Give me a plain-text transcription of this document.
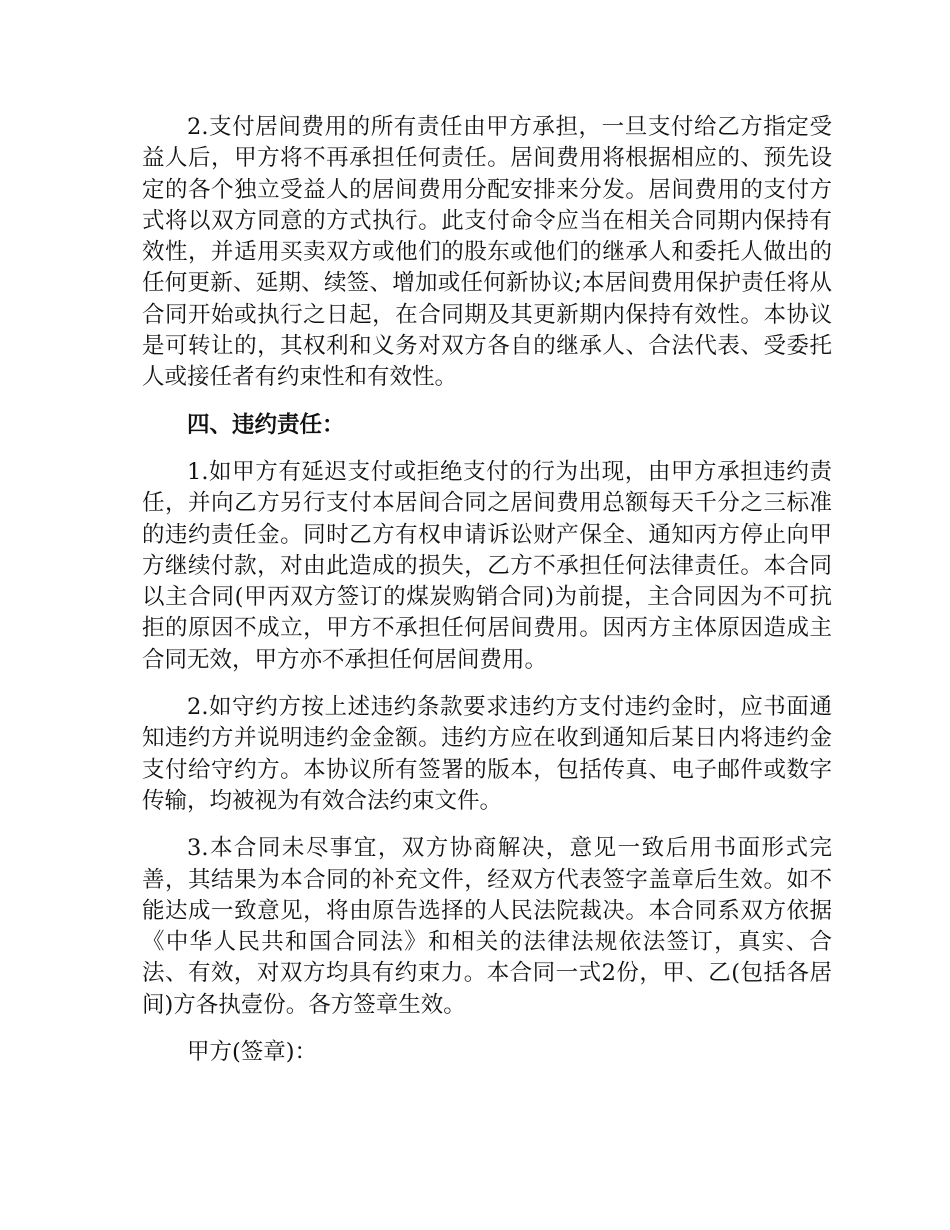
2.支付居间费用的所有责任由甲方承担，一旦支付给乙方指定受益人后，甲方将不再承担任何责任。居间费用将根据相应的、预先设定的各个独立受益人的居间费用分配安排来分发。居间费用的支付方式将以双方同意的方式执行。此支付命令应当在相关合同期内保持有效性，并适用买卖双方或他们的股东或他们的继承人和委托人做出的任何更新、延期、续签、增加或任何新协议;本居间费用保护责任将从合同开始或执行之日起，在合同期及其更新期内保持有效性。本协议是可转让的，其权利和义务对双方各自的继承人、合法代表、受委托人或接任者有约束性和有效性。

四、违约责任：

1.如甲方有延迟支付或拒绝支付的行为出现，由甲方承担违约责任，并向乙方另行支付本居间合同之居间费用总额每天千分之三标准的违约责任金。同时乙方有权申请诉讼财产保全、通知丙方停止向甲方继续付款，对由此造成的损失，乙方不承担任何法律责任。本合同以主合同(甲丙双方签订的煤炭购销合同)为前提，主合同因为不可抗拒的原因不成立，甲方不承担任何居间费用。因丙方主体原因造成主合同无效，甲方亦不承担任何居间费用。

2.如守约方按上述违约条款要求违约方支付违约金时，应书面通知违约方并说明违约金金额。违约方应在收到通知后某日内将违约金支付给守约方。本协议所有签署的版本，包括传真、电子邮件或数字传输，均被视为有效合法约束文件。

3.本合同未尽事宜，双方协商解决，意见一致后用书面形式完善，其结果为本合同的补充文件，经双方代表签字盖章后生效。如不能达成一致意见，将由原告选择的人民法院裁决。本合同系双方依据《中华人民共和国合同法》和相关的法律法规依法签订，真实、合法、有效，对双方均具有约束力。本合同一式2份，甲、乙(包括各居间)方各执壹份。各方签章生效。

甲方(签章)：
